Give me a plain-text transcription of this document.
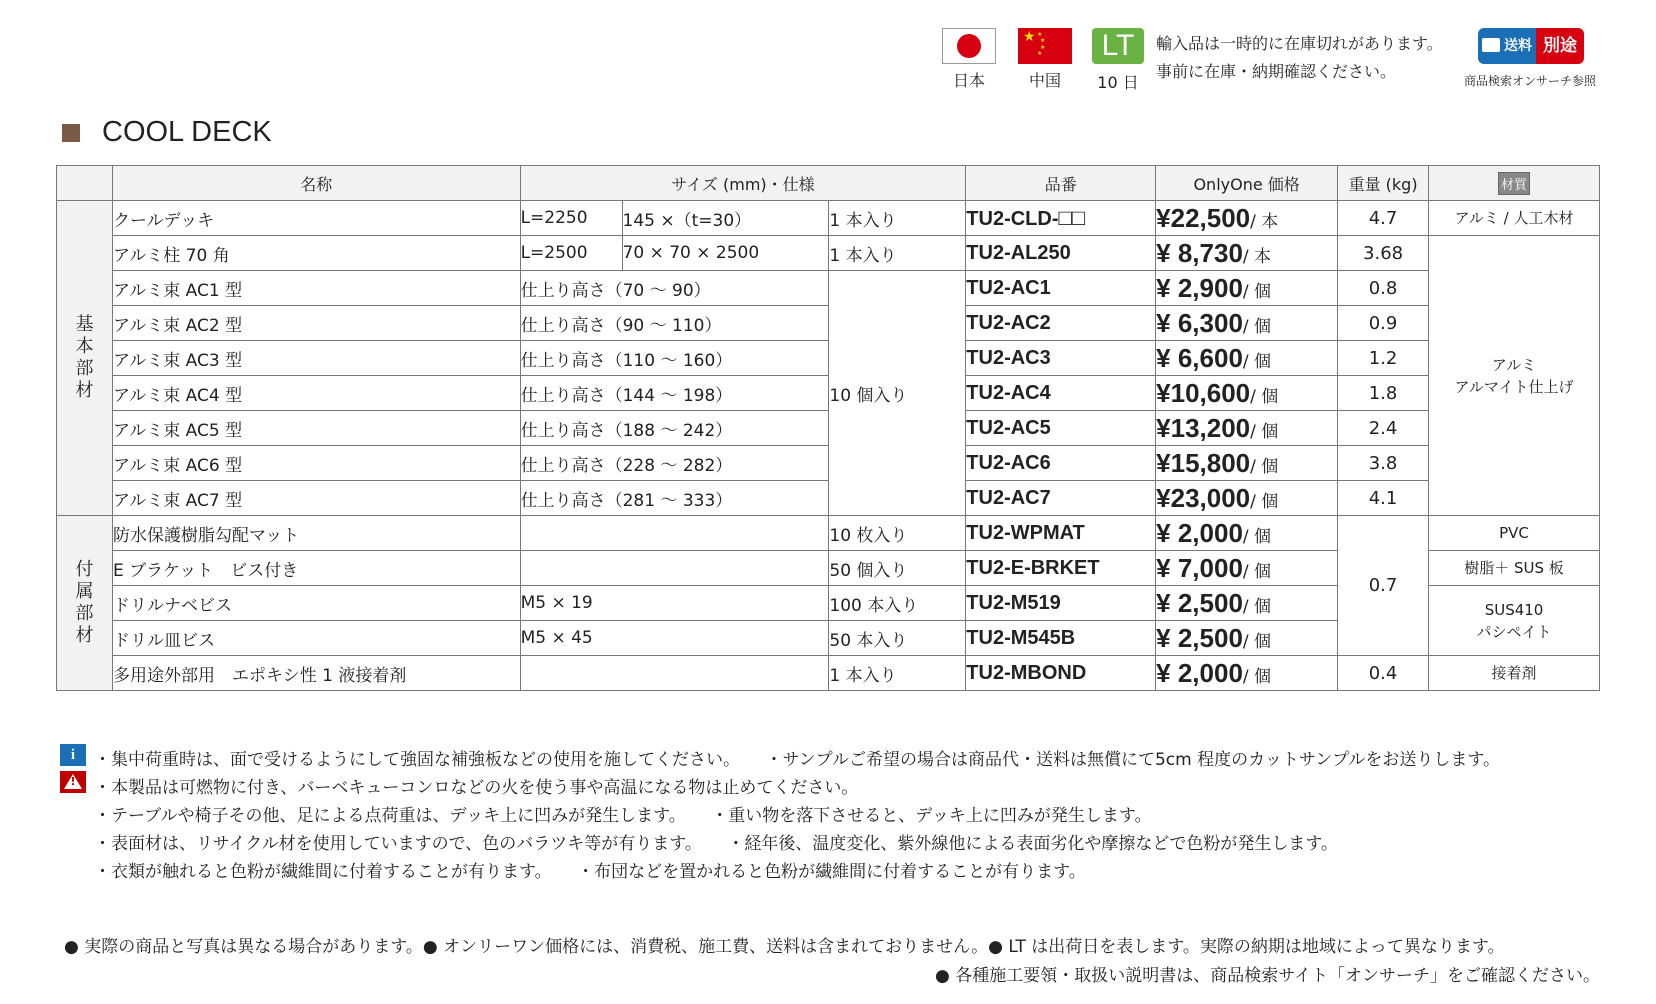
日本
★ ★
★
★
★
中国
LT
10 日
輸入品は一時的に在庫切れがあります。
事前に在庫・納期確認ください。
送料 別途
商品検索オンサーチ参照
COOL DECK
	名称	サイズ (mm)・仕様			品番	OnlyOne 価格	重量 (kg)	材質
基本部材	クールデッキ	L=2250	145 ×（t=30）	1 本入り	TU2-CLD-□□	¥22,500/ 本	4.7	アルミ / 人工木材
	アルミ柱 70 角	L=2500	70 × 70 × 2500	1 本入り	TU2-AL250	¥ 8,730/ 本	3.68	アルミ
アルマイト仕上げ
	アルミ束 AC1 型	仕上り高さ（70 ～ 90）		10 個入り	TU2-AC1	¥ 2,900/ 個	0.8	
	アルミ束 AC2 型	仕上り高さ（90 ～ 110）			TU2-AC2	¥ 6,300/ 個	0.9	
	アルミ束 AC3 型	仕上り高さ（110 ～ 160）			TU2-AC3	¥ 6,600/ 個	1.2	
	アルミ束 AC4 型	仕上り高さ（144 ～ 198）			TU2-AC4	¥10,600/ 個	1.8	
	アルミ束 AC5 型	仕上り高さ（188 ～ 242）			TU2-AC5	¥13,200/ 個	2.4	
	アルミ束 AC6 型	仕上り高さ（228 ～ 282）			TU2-AC6	¥15,800/ 個	3.8	
	アルミ束 AC7 型	仕上り高さ（281 ～ 333）			TU2-AC7	¥23,000/ 個	4.1	
付属部材	防水保護樹脂勾配マット			10 枚入り	TU2-WPMAT	¥ 2,000/ 個	0.7	PVC
	E ブラケット　ビス付き			50 個入り	TU2-E-BRKET	¥ 7,000/ 個		樹脂＋ SUS 板
	ドリルナベビス	M5 × 19		100 本入り	TU2-M519	¥ 2,500/ 個		SUS410
パシペイト
	ドリル皿ビス	M5 × 45		50 本入り	TU2-M545B	¥ 2,500/ 個		
	多用途外部用　エポキシ性 1 液接着剤			1 本入り	TU2-MBOND	¥ 2,000/ 個	0.4	接着剤
i
!
・集中荷重時は、面で受けるようにして強固な補強板などの使用を施してください。　　・サンプルご希望の場合は商品代・送料は無償にて5cm 程度のカットサンプルをお送りします。
・本製品は可燃物に付き、バーベキューコンロなどの火を使う事や高温になる物は止めてください。
・テーブルや椅子その他、足による点荷重は、デッキ上に凹みが発生します。　　・重い物を落下させると、デッキ上に凹みが発生します。
・表面材は、リサイクル材を使用していますので、色のバラツキ等が有ります。　　・経年後、温度変化、紫外線他による表面劣化や摩擦などで色粉が発生します。
・衣類が触れると色粉が繊維間に付着することが有ります。　　・布団などを置かれると色粉が繊維間に付着することが有ります。
● 実際の商品と写真は異なる場合があります。● オンリーワン価格には、消費税、施工費、送料は含まれておりません。● LT は出荷日を表します。実際の納期は地域によって異なります。
● 各種施工要領・取扱い説明書は、商品検索サイト「オンサーチ」をご確認ください。
